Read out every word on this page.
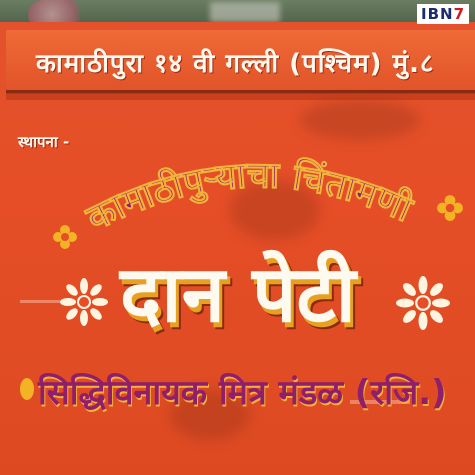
IBN7
कामाठीपुरा १४ वी गल्ली (पश्चिम) मुं.८
स्थापना -
कामाठीपुऱ्याचा चिंतामणी
दान पेटी
सिद्धिविनायक मित्र मंडळ (रजि.)
